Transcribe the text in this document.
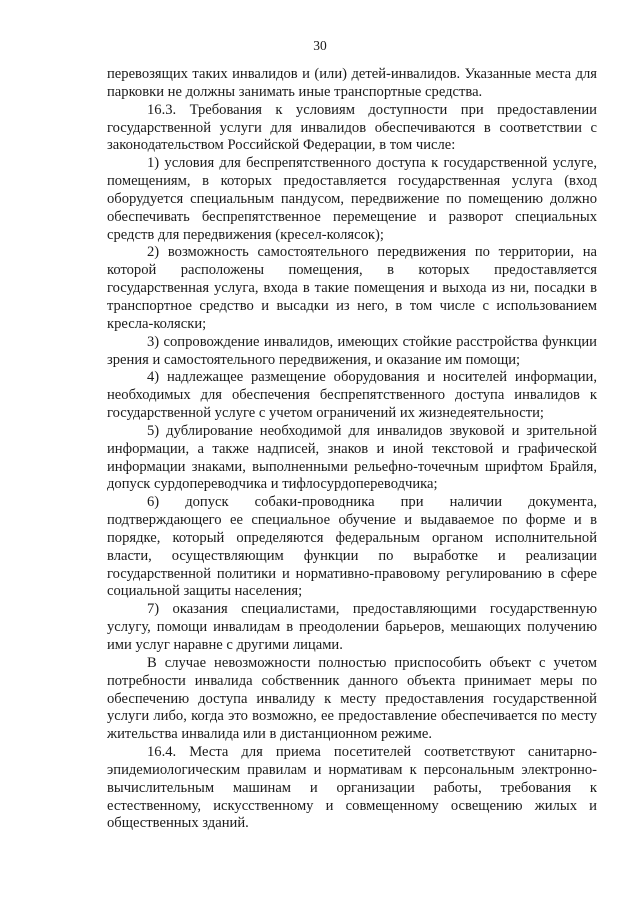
30

перевозящих таких инвалидов и (или) детей-инвалидов. Указанные места для парковки не должны занимать иные транспортные средства.

16.3. Требования к условиям доступности при предоставлении государственной услуги для инвалидов обеспечиваются в соответствии с законодательством Российской Федерации, в том числе:

1) условия для беспрепятственного доступа к государственной услуге, помещениям, в которых предоставляется государственная услуга (вход оборудуется специальным пандусом, передвижение по помещению должно обеспечивать беспрепятственное перемещение и разворот специальных средств для передвижения (кресел-колясок);

2) возможность самостоятельного передвижения по территории, на которой расположены помещения, в которых предоставляется государственная услуга, входа в такие помещения и выхода из ни, посадки в транспортное средство и высадки из него, в том числе с использованием кресла-коляски;

3) сопровождение инвалидов, имеющих стойкие расстройства функции зрения и самостоятельного передвижения, и оказание им помощи;

4) надлежащее размещение оборудования и носителей информации, необходимых для обеспечения беспрепятственного доступа инвалидов к государственной услуге с учетом ограничений их жизнедеятельности;

5) дублирование необходимой для инвалидов звуковой и зрительной информации, а также надписей, знаков и иной текстовой и графической информации знаками, выполненными рельефно-точечным шрифтом Брайля, допуск сурдопереводчика и тифлосурдопереводчика;

6) допуск собаки-проводника при наличии документа, подтверждающего ее специальное обучение и выдаваемое по форме и в порядке, который определяются федеральным органом исполнительной власти, осуществляющим функции по выработке и реализации государственной политики и нормативно-правовому регулированию в сфере социальной защиты населения;

7) оказания специалистами, предоставляющими государственную услугу, помощи инвалидам в преодолении барьеров, мешающих получению ими услуг наравне с другими лицами.

В случае невозможности полностью приспособить объект с учетом потребности инвалида собственник данного объекта принимает меры по обеспечению доступа инвалиду к месту предоставления государственной услуги либо, когда это возможно, ее предоставление обеспечивается по месту жительства инвалида или в дистанционном режиме.

16.4. Места для приема посетителей соответствуют санитарно-эпидемиологическим правилам и нормативам к персональным электронно-вычислительным машинам и организации работы, требования к естественному, искусственному и совмещенному освещению жилых и общественных зданий.
